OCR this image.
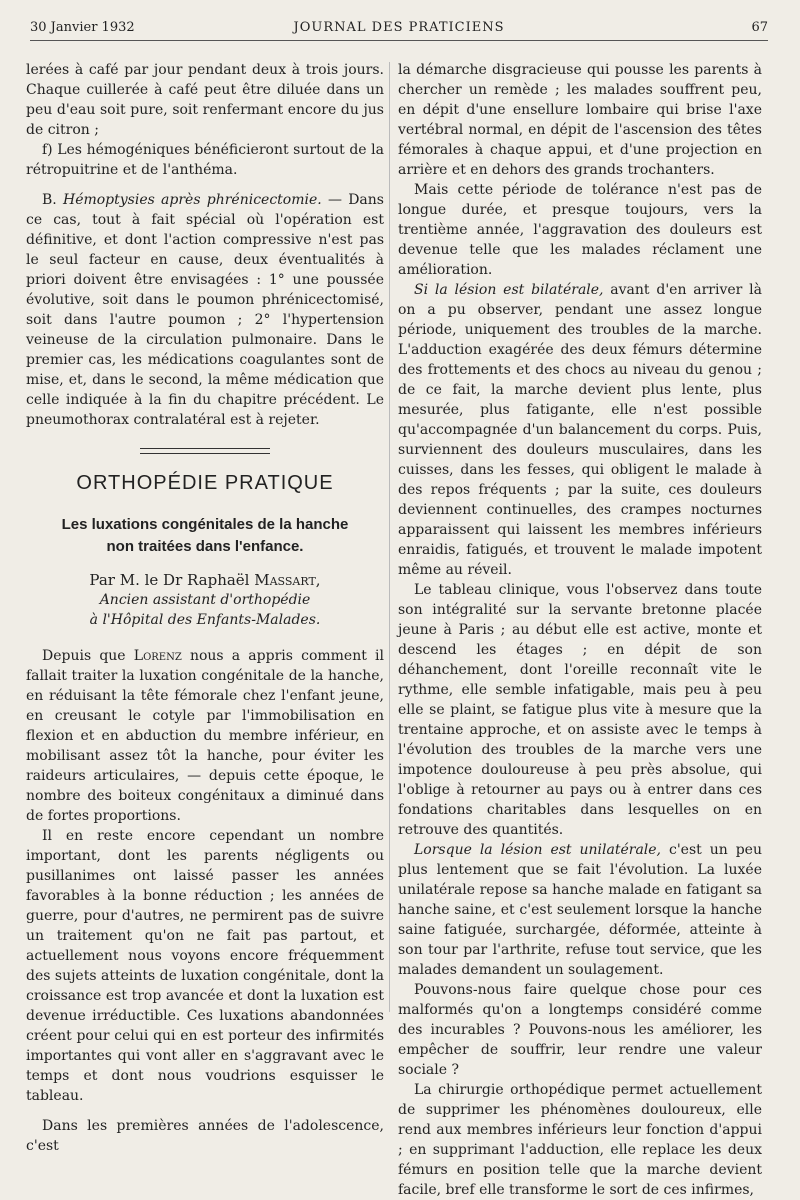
30 Janvier 1932	JOURNAL DES PRATICIENS	67

lerées à café par jour pendant deux à trois jours. Chaque cuillerée à café peut être diluée dans un peu d'eau soit pure, soit renfermant encore du jus de citron ;

f) Les hémogéniques bénéficieront surtout de la rétropuitrine et de l'anthéma.

B. Hémoptysies après phrénicectomie. — Dans ce cas, tout à fait spécial où l'opération est définitive, et dont l'action compressive n'est pas le seul facteur en cause, deux éventualités à priori doivent être envisagées : 1° une poussée évolutive, soit dans le poumon phrénicectomisé, soit dans l'autre poumon ; 2° l'hypertension veineuse de la circulation pulmonaire. Dans le premier cas, les médications coagulantes sont de mise, et, dans le second, la même médication que celle indiquée à la fin du chapitre précédent. Le pneumothorax contralatéral est à rejeter.

ORTHOPÉDIE PRATIQUE
Les luxations congénitales de la hanche
non traitées dans l'enfance.
Par M. le Dr Raphaël Massart,
Ancien assistant d'orthopédie
à l'Hôpital des Enfants-Malades.

Depuis que Lorenz nous a appris comment il fallait traiter la luxation congénitale de la hanche, en réduisant la tête fémorale chez l'enfant jeune, en creusant le cotyle par l'immobilisation en flexion et en abduction du membre inférieur, en mobilisant assez tôt la hanche, pour éviter les raideurs articulaires, — depuis cette époque, le nombre des boiteux congénitaux a diminué dans de fortes proportions.

Il en reste encore cependant un nombre important, dont les parents négligents ou pusillanimes ont laissé passer les années favorables à la bonne réduction ; les années de guerre, pour d'autres, ne permirent pas de suivre un traitement qu'on ne fait pas partout, et actuellement nous voyons encore fréquemment des sujets atteints de luxation congénitale, dont la croissance est trop avancée et dont la luxation est devenue irréductible. Ces luxations abandonnées créent pour celui qui en est porteur des infirmités importantes qui vont aller en s'aggravant avec le temps et dont nous voudrions esquisser le tableau.

Dans les premières années de l'adolescence, c'est

la démarche disgracieuse qui pousse les parents à chercher un remède ; les malades souffrent peu, en dépit d'une ensellure lombaire qui brise l'axe vertébral normal, en dépit de l'ascension des têtes fémorales à chaque appui, et d'une projection en arrière et en dehors des grands trochanters.

Mais cette période de tolérance n'est pas de longue durée, et presque toujours, vers la trentième année, l'aggravation des douleurs est devenue telle que les malades réclament une amélioration.

Si la lésion est bilatérale, avant d'en arriver là on a pu observer, pendant une assez longue période, uniquement des troubles de la marche. L'adduction exagérée des deux fémurs détermine des frottements et des chocs au niveau du genou ; de ce fait, la marche devient plus lente, plus mesurée, plus fatigante, elle n'est possible qu'accompagnée d'un balancement du corps. Puis, surviennent des douleurs musculaires, dans les cuisses, dans les fesses, qui obligent le malade à des repos fréquents ; par la suite, ces douleurs deviennent continuelles, des crampes nocturnes apparaissent qui laissent les membres inférieurs enraidis, fatigués, et trouvent le malade impotent même au réveil.

Le tableau clinique, vous l'observez dans toute son intégralité sur la servante bretonne placée jeune à Paris ; au début elle est active, monte et descend les étages ; en dépit de son déhanchement, dont l'oreille reconnaît vite le rythme, elle semble infatigable, mais peu à peu elle se plaint, se fatigue plus vite à mesure que la trentaine approche, et on assiste avec le temps à l'évolution des troubles de la marche vers une impotence douloureuse à peu près absolue, qui l'oblige à retourner au pays ou à entrer dans ces fondations charitables dans lesquelles on en retrouve des quantités.

Lorsque la lésion est unilatérale, c'est un peu plus lentement que se fait l'évolution. La luxée unilatérale repose sa hanche malade en fatigant sa hanche saine, et c'est seulement lorsque la hanche saine fatiguée, surchargée, déformée, atteinte à son tour par l'arthrite, refuse tout service, que les malades demandent un soulagement.

Pouvons-nous faire quelque chose pour ces malformés qu'on a longtemps considéré comme des incurables ? Pouvons-nous les améliorer, les empêcher de souffrir, leur rendre une valeur sociale ?

La chirurgie orthopédique permet actuellement de supprimer les phénomènes douloureux, elle rend aux membres inférieurs leur fonction d'appui ; en supprimant l'adduction, elle replace les deux fémurs en position telle que la marche devient facile, bref elle transforme le sort de ces infirmes,
